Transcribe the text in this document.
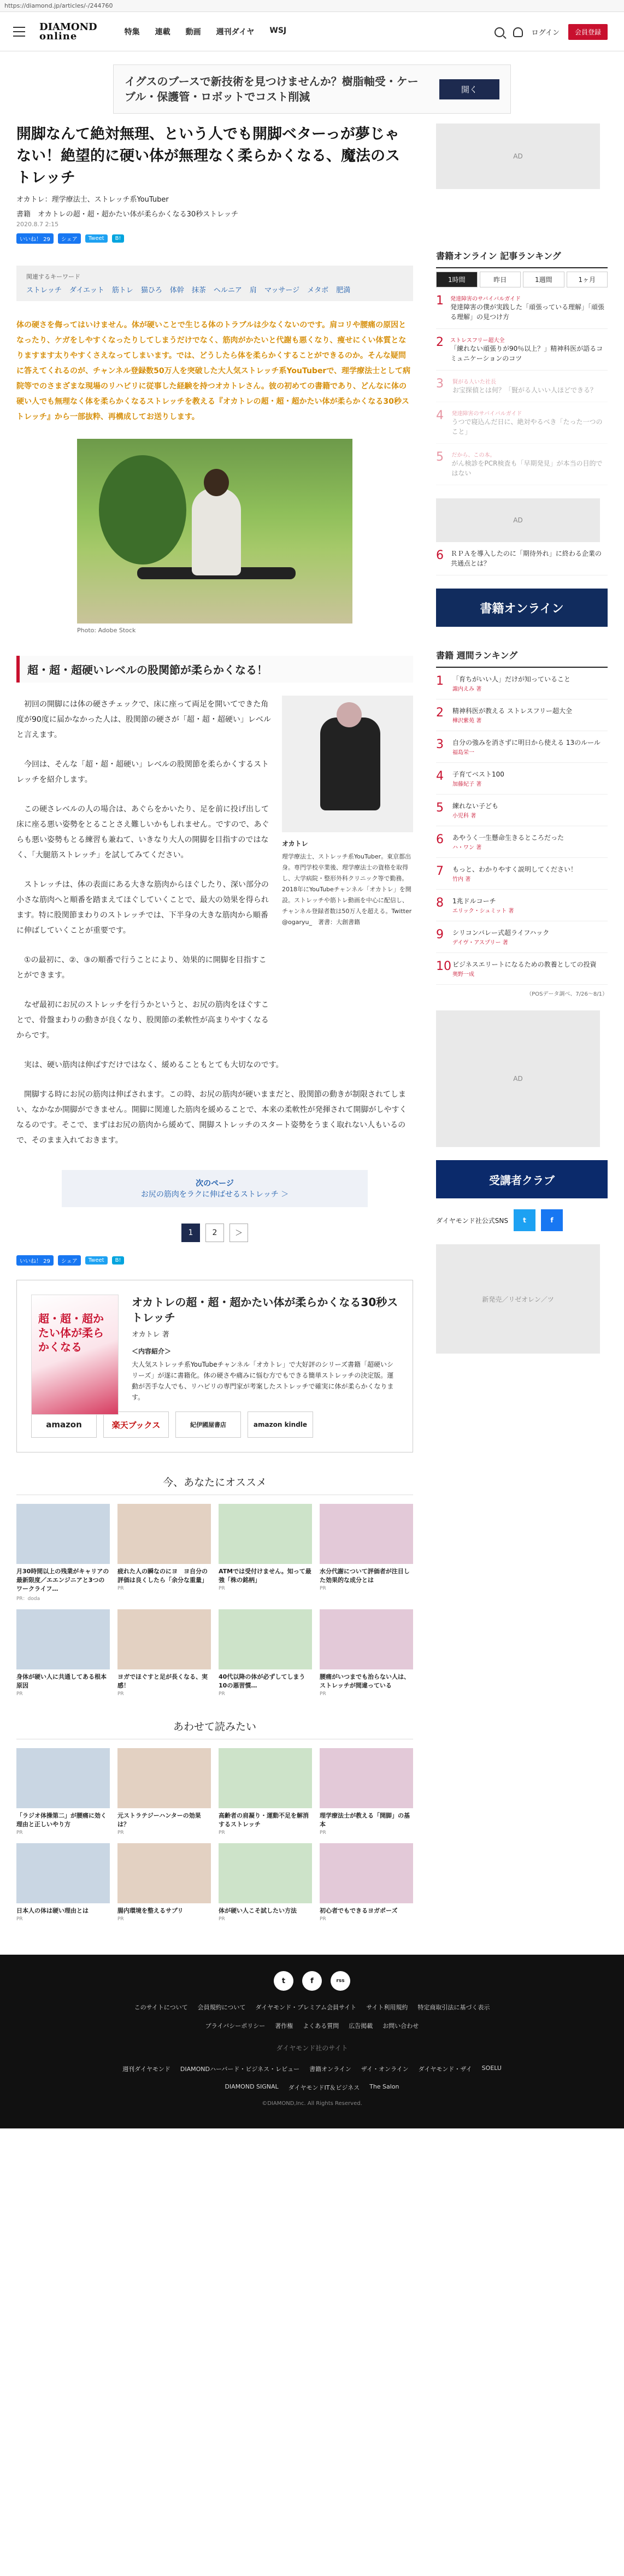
https://diamond.jp/articles/-/244760
DIAMOND
online	特集 連載 動画 週刊ダイヤ WSJ	ログイン	会員登録
イグスのブースで新技術を見つけませんか？樹脂軸受・ケーブル・保護管・ロボットでコスト削減
開く
開脚なんて絶対無理、という人でも開脚ベターっが夢じゃない！絶望的に硬い体が無理なく柔らかくなる、魔法のストレッチ
オカトレ：理学療法士、ストレッチ系YouTuber
書籍　オカトレの超・超・超かたい体が柔らかくなる30秒ストレッチ
2020.8.7 2:15
いいね！ 29	シェア	Tweet	B!
関連するキーワード
ストレッチ ダイエット 筋トレ 猫ひろ 体幹 抹茶 ヘルニア 肩 マッサージ メタボ 肥満
体の硬さを侮ってはいけません。体が硬いことで生じる体のトラブルは少なくないのです。肩コリや腰痛の原因となったり、ケガをしやすくなったりしてしまうだけでなく、筋肉がかたいと代謝も悪くなり、痩せにくい体質となりますます太りやすくさえなってしまいます。では、どうしたら体を柔らかくすることができるのか。そんな疑問に答えてくれるのが、チャンネル登録数50万人を突破した大人気ストレッチ系YouTuberで、理学療法士として病院等でのさまざまな現場のリハビリに従事した経験を持つオカトレさん。彼の初めての書籍であり、どんなに体の硬い人でも無理なく体を柔らかくなるストレッチを教える『オカトレの超・超・超かたい体が柔らかくなる30秒ストレッチ』から一部抜粋、再構成してお送りします。
Photo: Adobe Stock
超・超・超硬いレベルの股関節が柔らかくなる！

初回の開脚には体の硬さチェックで、床に座って両足を開いてできた角度が90度に届かなかった人は、股関節の硬さが「超・超・超硬い」レベルと言えます。

今回は、そんな「超・超・超硬い」レベルの股関節を柔らかくするストレッチを紹介します。

この硬さレベルの人の場合は、あぐらをかいたり、足を前に投げ出して床に座る悪い姿勢をとることさえ難しいかもしれません。ですので、あぐらも悪い姿勢もとる練習も兼ねて、いきなり大人の開脚を目指すのではなく、「大腿筋ストレッチ」を試してみてください。

ストレッチは、体の表面にある大きな筋肉からほぐしたり、深い部分の小さな筋肉へと順番を踏まえてほぐしていくことで、最大の効果を得られます。特に股関節まわりのストレッチでは、下半身の大きな筋肉から順番に伸ばしていくことが重要です。

①の最初に、②、③の順番で行うことにより、効果的に開脚を目指すことができます。

なぜ最初にお尻のストレッチを行うかというと、お尻の筋肉をほぐすことで、骨盤まわりの動きが良くなり、股関節の柔軟性が高まりやすくなるからです。

オカトレ
理学療法士、ストレッチ系YouTuber。東京都出身。専門学校卒業後、理学療法士の資格を取得し、大学病院・整形外科クリニック等で勤務。2018年にYouTubeチャンネル「オカトレ」を開設。ストレッチや筋トレ動画を中心に配信し、チャンネル登録者数は50万人を超える。Twitter @ogaryu_　著書：大創書籍

実は、硬い筋肉は伸ばすだけではなく、緩めることもとても大切なのです。

開脚する時にお尻の筋肉は伸ばされます。この時、お尻の筋肉が硬いままだと、股関節の動きが制限されてしまい、なかなか開脚ができません。開脚に関連した筋肉を緩めることで、本来の柔軟性が発揮されて開脚がしやすくなるのです。そこで、まずはお尻の筋肉から緩めて、開脚ストレッチのスタート姿勢をうまく取れない人もいるので、そのまま入れておきます。

次のページ
お尻の筋肉をラクに伸ばせるストレッチ ＞
1	2	＞
いいね！ 29	シェア	Tweet	B!
超・超・超かたい体が柔らかくなる
オカトレの超・超・超かたい体が柔らかくなる30秒ストレッチ
オカトレ 著
＜内容紹介＞
大人気ストレッチ系YouTubeチャンネル「オカトレ」で大好評のシリーズ書籍「超硬いシリーズ」が遂に書籍化。体の硬さや痛みに悩む方でもできる簡単ストレッチの決定版。運動が苦手な人でも、リハビリの専門家が考案したストレッチで確実に体が柔らかくなります。
amazon	楽天ブックス	紀伊國屋書店	amazon kindle
今、あなたにオススメ
月30時間以上の残業がキャリアの最新限度／エエンジニアと3つのワークライフ…
PR：doda
疲れた人の瞬なのにヨ　ヨ自分の評価は良くしたら「余分な重量」
PR
ATMでは受付けません。知って最強「株の銘柄」
PR
水分代謝について評価者が注目した効果的な成分とは
PR
身体が硬い人に共通してある根本原因
PR
ヨガでほぐすと足が長くなる、実感！
PR
40代以降の体が必ずしてしまう10の悪習慣…
PR
腰痛がいつまでも治らない人は、ストレッチが間違っている
PR
あわせて読みたい
「ラジオ体操第二」が腰痛に効く理由と正しいやり方
PR
元ストラテジーハンターの効果は？
PR
高齢者の肩凝り・運動不足を解消するストレッチ
PR
理学療法士が教える「開脚」の基本
PR
日本人の体は硬い理由とは
PR
腸内環境を整えるサプリ
PR
体が硬い人こそ試したい方法
PR
初心者でもできるヨガポーズ
PR
AD
書籍オンライン 記事ランキング
1時間	昨日	1週間	1ヶ月
1 発達障害のサバイバルガイド
発達障害の僕が実践した「頑張っている理解」「頑張る理解」の見つけ方
2 ストレスフリー超大全
「練れない頑張りが90％以上？」精神科医が語るコミュニケーションのコツ
3	賢がる人いた社長
お宝探偵とは何？「賢がる人いい人ほどできる？
4 発達障害のサバイバルガイド
うつで寝込んだ日に、絶対やるべき「たった一つのこと」
5 だから、この本。
がん検診をPCR検査も「早期発見」が本当の目的ではない
AD
6 ＲＰＡを導入したのに「期待外れ」に終わる企業の共通点とは？
書籍オンライン
書籍 週間ランキング
1	「育ちがいい人」だけが知っていること
諏内えみ 著
2	精神科医が教える ストレスフリー超大全
樺沢紫苑 著
3	自分の強みを消さずに明日から使える 13のルール
福島栄一
4	子育てベスト100
加藤紀子 著
5	練れない子ども
小児科 著
6	あやうく一生懸命生きるところだった
ハ・ワン 著
7	もっと、わかりやすく説明してください！
竹内 著
8	1兆ドルコーチ
エリック・シュミット 著
9	シリコンバレー式超ライフハック
デイヴ・アスプリー 著
10 ビジネスエリートになるための教養としての投資
奥野一成
（POSデータ調べ、7/26〜8/1）
AD
受講者クラブ
ダイヤモンド社公式SNS	t	f
新発売／リゼオレン／ツ
t	f	rss
このサイトについて 会員規約について ダイヤモンド・プレミアム会員サイト サイト利用規約 特定商取引法に基づく表示
プライバシーポリシー 著作権 よくある質問 広告掲載 お問い合わせ
ダイヤモンド社のサイト
週刊ダイヤモンド DIAMONDハーバード・ビジネス・レビュー 書籍オンライン ザイ・オンライン ダイヤモンド・ザイ SOELU
DIAMOND SIGNAL ダイヤモンドIT＆ビジネス The Salon
©DIAMOND,Inc. All Rights Reserved.
